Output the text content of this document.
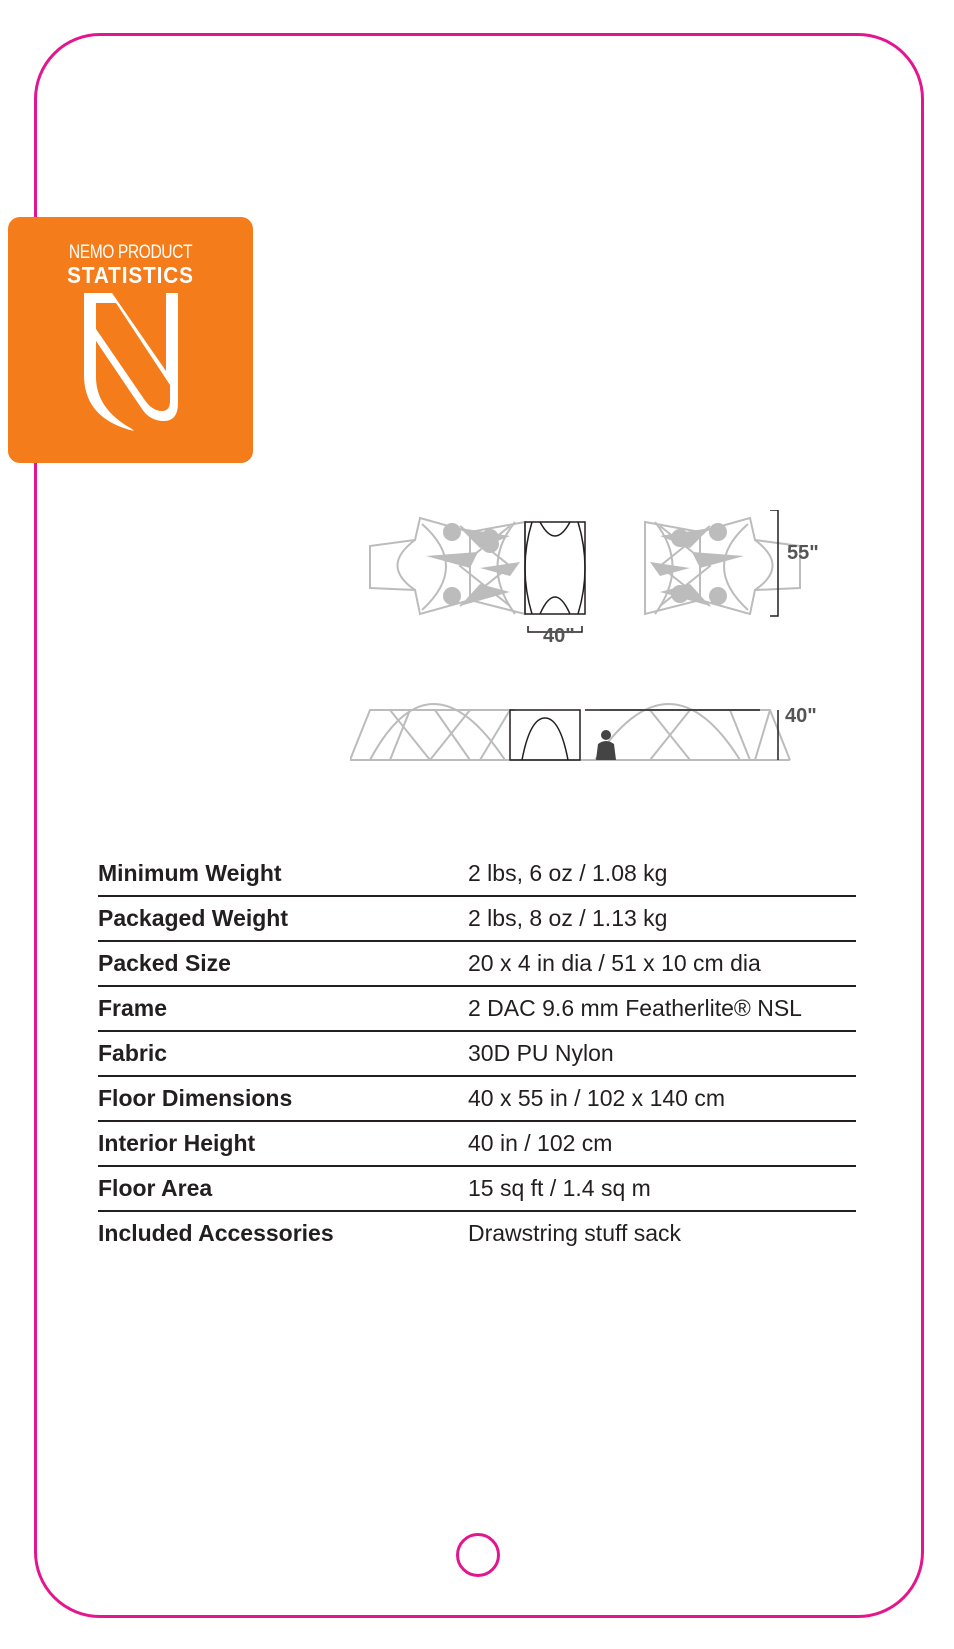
NEMO PRODUCT
STATISTICS
55"
40"
40"
Minimum Weight	2 lbs, 6 oz / 1.08 kg
Packaged Weight	2 lbs, 8 oz / 1.13 kg
Packed Size	20 x 4 in dia / 51 x 10 cm dia
Frame	2 DAC 9.6 mm Featherlite® NSL
Fabric	30D PU Nylon
Floor Dimensions	40 x 55 in / 102 x 140 cm
Interior Height	40 in / 102 cm
Floor Area	15 sq ft / 1.4 sq m
Included Accessories	Drawstring stuff sack
